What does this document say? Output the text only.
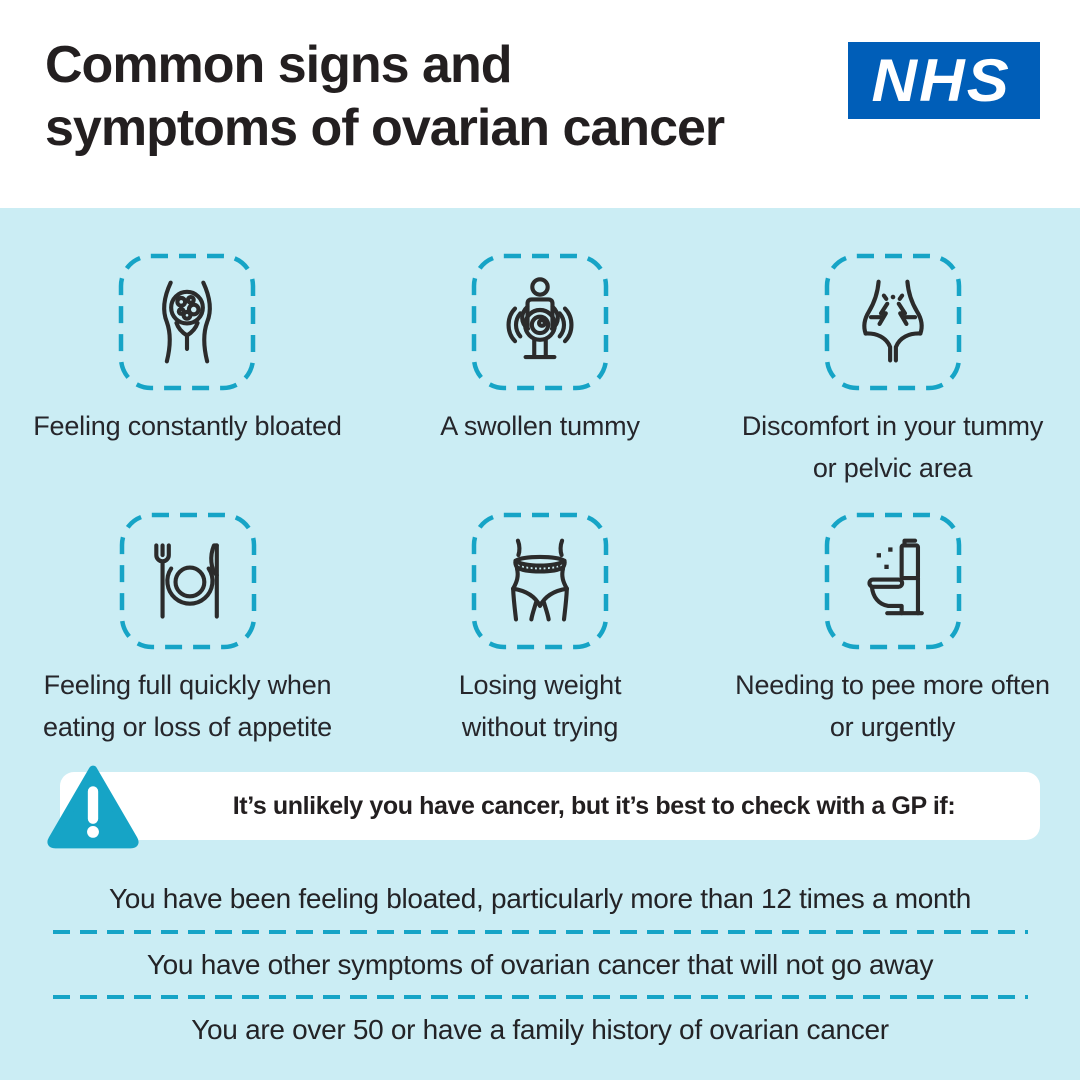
Common signs and
symptoms of ovarian cancer
NHS
Feeling constantly bloated	A swollen tummy	Discomfort in your tummy or pelvic area
Feeling full quickly when eating or loss of appetite
Losing weight without trying
Needing to pee more often or urgently
It’s unlikely you have cancer, but it’s best to check with a GP if:
You have been feeling bloated, particularly more than 12 times a month
You have other symptoms of ovarian cancer that will not go away
You are over 50 or have a family history of ovarian cancer
